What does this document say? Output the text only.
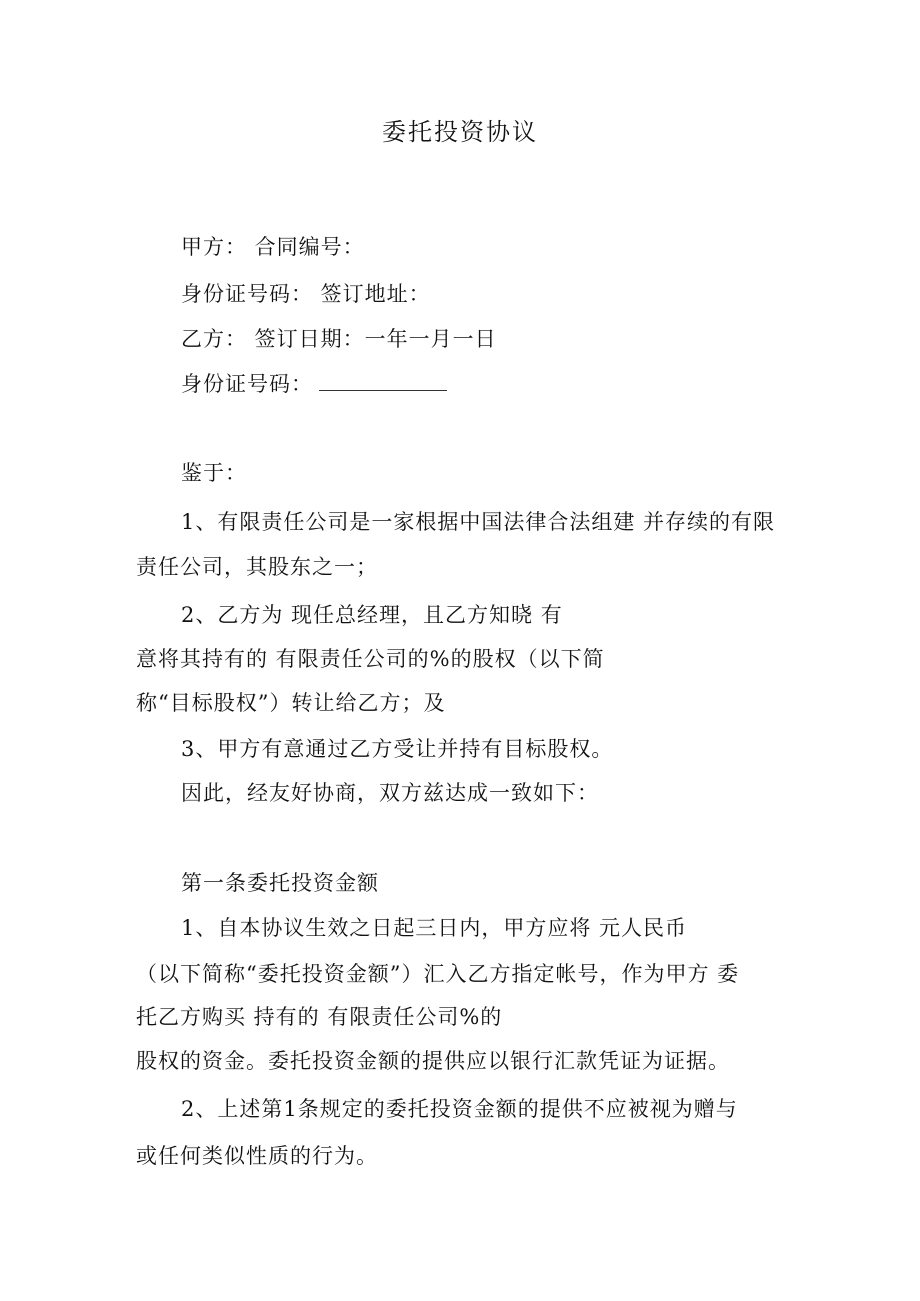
委托投资协议
甲方： 合同编号：
身份证号码： 签订地址：
乙方： 签订日期：一年一月一日
身份证号码：
鉴于：
1、有限责任公司是一家根据中国法律合法组建 并存续的有限
责任公司，其股东之一；
2、乙方为 现任总经理，且乙方知晓 有
意将其持有的 有限责任公司的%的股权（以下简
称“目标股权”）转让给乙方；及
3、甲方有意通过乙方受让并持有目标股权。
因此，经友好协商，双方兹达成一致如下：
第一条委托投资金额
1、自本协议生效之日起三日内，甲方应将 元人民币
（以下简称“委托投资金额”）汇入乙方指定帐号，作为甲方 委
托乙方购买 持有的 有限责任公司%的
股权的资金。委托投资金额的提供应以银行汇款凭证为证据。
2、上述第1条规定的委托投资金额的提供不应被视为赠与
或任何类似性质的行为。
